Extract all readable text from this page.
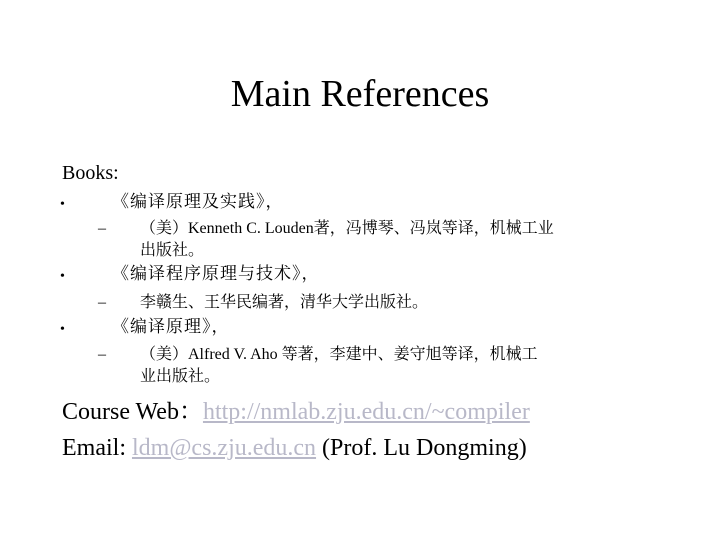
Main References
Books:
•	《编译原理及实践》，
– （美）Kenneth C. Louden著，冯博琴、冯岚等译，机械工业
出版社。
•	《编译程序原理与技术》，
– 李赣生、王华民编著，清华大学出版社。
•	《编译原理》，
– （美）Alfred V. Aho 等著，李建中、姜守旭等译，机械工
业出版社。
Course Web：http://nmlab.zju.edu.cn/~compiler
Email: ldm@cs.zju.edu.cn (Prof. Lu Dongming)
